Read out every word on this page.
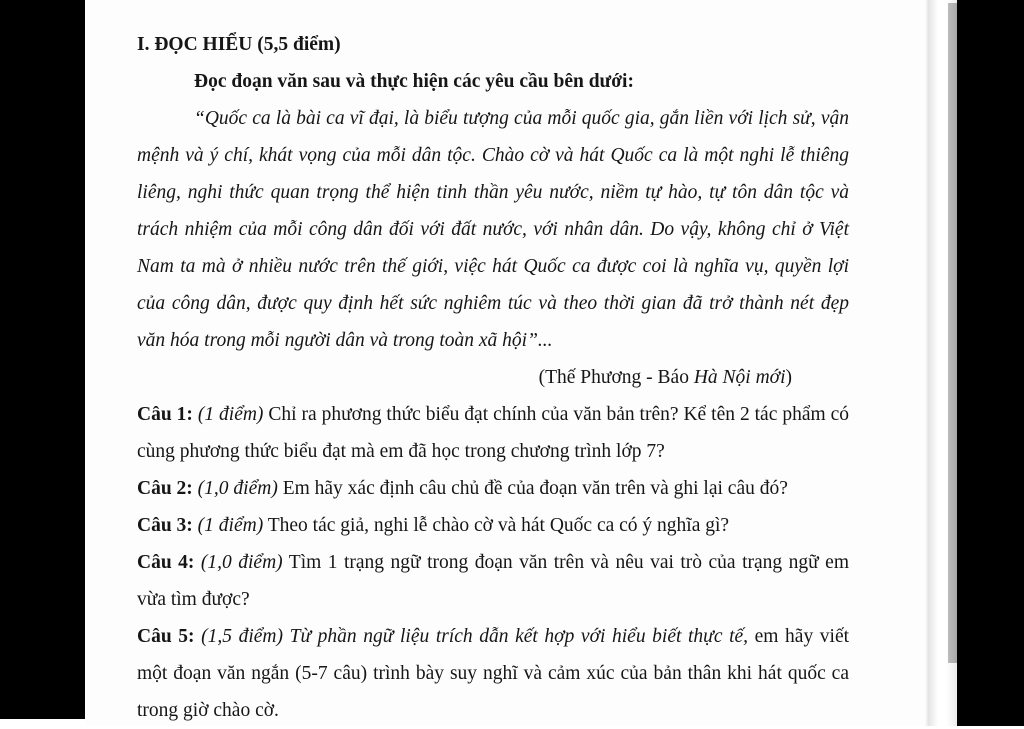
I. ĐỌC HIỂU (5,5 điểm)

Đọc đoạn văn sau và thực hiện các yêu cầu bên dưới:

“Quốc ca là bài ca vĩ đại, là biểu tượng của mỗi quốc gia, gắn liền với lịch sử, vận mệnh và ý chí, khát vọng của mỗi dân tộc. Chào cờ và hát Quốc ca là một nghi lễ thiêng liêng, nghi thức quan trọng thể hiện tinh thần yêu nước, niềm tự hào, tự tôn dân tộc và trách nhiệm của mỗi công dân đối với đất nước, với nhân dân. Do vậy, không chỉ ở Việt Nam ta mà ở nhiều nước trên thế giới, việc hát Quốc ca được coi là nghĩa vụ, quyền lợi của công dân, được quy định hết sức nghiêm túc và theo thời gian đã trở thành nét đẹp văn hóa trong mỗi người dân và trong toàn xã hội”...

(Thế Phương - Báo Hà Nội mới)

Câu 1: (1 điểm) Chỉ ra phương thức biểu đạt chính của văn bản trên? Kể tên 2 tác phẩm có cùng phương thức biểu đạt mà em đã học trong chương trình lớp 7?

Câu 2: (1,0 điểm) Em hãy xác định câu chủ đề của đoạn văn trên và ghi lại câu đó?

Câu 3: (1 điểm) Theo tác giả, nghi lễ chào cờ và hát Quốc ca có ý nghĩa gì?

Câu 4: (1,0 điểm) Tìm 1 trạng ngữ trong đoạn văn trên và nêu vai trò của trạng ngữ em vừa tìm được?

Câu 5: (1,5 điểm) Từ phần ngữ liệu trích dẫn kết hợp với hiểu biết thực tế, em hãy viết một đoạn văn ngắn (5-7 câu) trình bày suy nghĩ và cảm xúc của bản thân khi hát quốc ca trong giờ chào cờ.
